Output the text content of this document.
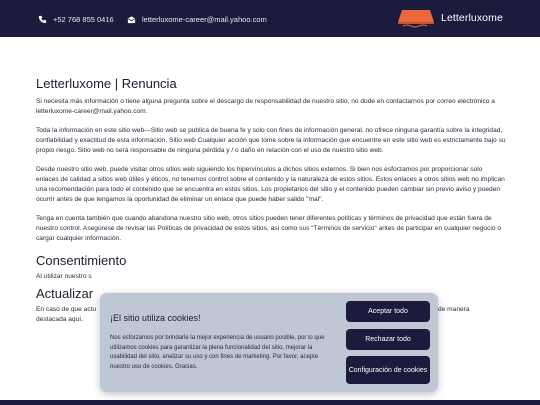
+52 768 855 0416	letterluxome-career@mail.yahoo.com	Letterluxome
Letterluxome | Renuncia

Si necesita más información o tiene alguna pregunta sobre el descargo de responsabilidad de nuestro sitio, no dude en contactarnos por correo electrónico a letterluxome-career@mail.yahoo.com.

Toda la información en este sitio web—Sitio web se publica de buena fe y solo con fines de información general. no ofrece ninguna garantía sobre la integridad, confiabilidad y exactitud de esta información. Sitio web Cualquier acción que tome sobre la información que encuentre en este sitio web es estrictamente bajo su propio riesgo. Sitio web no será responsable de ninguna pérdida y / o daño en relación con el uso de nuestro sitio web.

Desde nuestro sitio web, puede visitar otros sitios web siguiendo los hipervínculos a dichos sitios externos. Si bien nos esforzamos por proporcionar solo enlaces de calidad a sitios web útiles y éticos, no tenemos control sobre el contenido y la naturaleza de estos sitios. Estos enlaces a otros sitios web no implican una recomendación para todo el contenido que se encuentra en estos sitios. Los propietarios del sitio y el contenido pueden cambiar sin previo aviso y pueden ocurrir antes de que tengamos la oportunidad de eliminar un enlace que puede haber salido "mal".

Tenga en cuenta también que cuando abandona nuestro sitio web, otros sitios pueden tener diferentes políticas y términos de privacidad que están fuera de nuestro control. Asegúrese de revisar las Políticas de privacidad de estos sitios, así como sus "Términos de servicio" antes de participar en cualquier negocio o cargar cualquier información.

Consentimiento

Al utilizar nuestro s

Actualizar

En caso de que actu	de manera

destacada aquí.	¡El sitio utiliza cookies!
Nos esforzamos por brindarle la mejor experiencia de usuario posible, por lo que utilizamos cookies para garantizar la plena funcionalidad del sitio, mejorar la usabilidad del sitio, analizar su uso y con fines de marketing. Por favor, acepte nuestro uso de cookies. Gracias.
Aceptar todo
Rechazar todo
Configuración de cookies
